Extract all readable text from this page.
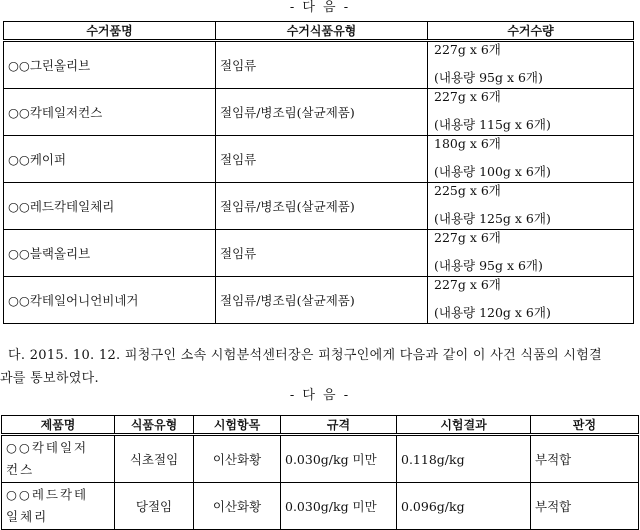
- 다 음 -
수거품명	수거식품유형	수거수량
○○그린올리브	절임류	227g x 6개
(내용량 95g x 6개)

○○칵테일저컨스	절임류/병조림(살균제품)	227g x 6개
(내용량 115g x 6개)

○○케이퍼	절임류	180g x 6개
(내용량 100g x 6개)

○○레드칵테일체리	절임류/병조림(살균제품)	225g x 6개
(내용량 125g x 6개)

○○블랙올리브	절임류	227g x 6개
(내용량 95g x 6개)

○○칵테일어니언비네거	절임류/병조림(살균제품)	227g x 6개
(내용량 120g x 6개)
다. 2015. 10. 12. 피청구인 소속 시험분석센터장은 피청구인에게 다음과 같이 이 사건 식품의 시험결
과를 통보하였다.
- 다 음 -
제품명	식품유형	시험항목	규격	시험결과	판정

○○칵테일저
컨스	식초절임	이산화황	0.030g/kg 미만	0.118g/kg	부적합

○○레드칵테
일체리	당절임	이산화황	0.030g/kg 미만	0.096g/kg	부적합
